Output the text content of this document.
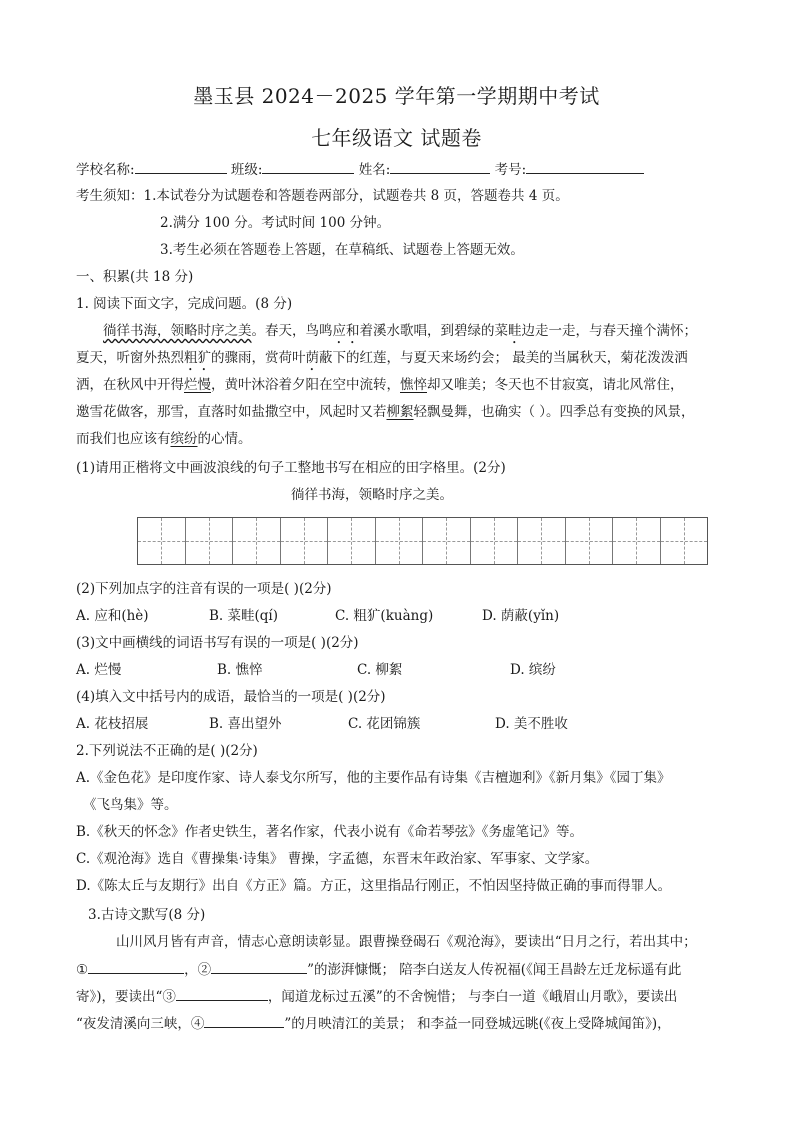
墨玉县 2024－2025 学年第一学期期中考试
七年级语文 试题卷
学校名称:	班级:	姓名:	考号:
考生须知：1.本试卷分为试题卷和答题卷两部分，试题卷共 8 页，答题卷共 4 页。
2.满分 100 分。考试时间 100 分钟。
3.考生必须在答题卷上答题，在草稿纸、试题卷上答题无效。
一、积累(共 18 分)
1. 阅读下面文字，完成问题。(8 分)
徜徉书海，领略时序之美。春天，鸟鸣应和着溪水歌唱，到碧绿的菜畦边走一走，与春天撞个满怀；
夏天，听窗外热烈粗犷的骤雨，赏荷叶荫蔽下的红莲，与夏天来场约会； 最美的当属秋天，菊花泼泼洒
洒，在秋风中开得烂慢，黄叶沐浴着夕阳在空中流转，憔悴却又唯美；冬天也不甘寂寞，请北风常住，
邀雪花做客，那雪，直落时如盐撒空中，风起时又若柳絮轻飘曼舞，也确实（ ）。四季总有变换的风景，
而我们也应该有缤纷的心情。
(1)请用正楷将文中画波浪线的句子工整地书写在相应的田字格里。(2分)
徜徉书海，领略时序之美。
(2)下列加点字的注音有误的一项是( )(2分)
A. 应和(hè)	B. 菜畦(qí)	C. 粗犷(kuàng)	D. 荫蔽(yǐn)
(3)文中画横线的词语书写有误的一项是( )(2分)
A. 烂慢	B. 憔悴	C. 柳絮	D. 缤纷
(4)填入文中括号内的成语，最恰当的一项是( )(2分)
A. 花枝招展	B. 喜出望外	C. 花团锦簇	D. 美不胜收
2.下列说法不正确的是( )(2分)
A.《金色花》是印度作家、诗人泰戈尔所写，他的主要作品有诗集《吉檀迦利》《新月集》《园丁集》
《飞鸟集》等。
B.《秋天的怀念》作者史铁生，著名作家，代表小说有《命若琴弦》《务虚笔记》等。
C.《观沧海》选自《曹操集·诗集》 曹操，字孟德，东晋末年政治家、军事家、文学家。
D.《陈太丘与友期行》出自《方正》篇。方正，这里指品行刚正，不怕因坚持做正确的事而得罪人。
3.古诗文默写(8 分)
山川风月皆有声音，情志心意朗读彰显。跟曹操登碣石《观沧海》，要读出“日月之行，若出其中；
①	，②	”的澎湃慷慨； 陪李白送友人传祝福(《闻王昌龄左迁龙标遥有此
寄》)，要读出“③	，闻道龙标过五溪”的不舍惋惜； 与李白一道《峨眉山月歌》，要读出
“夜发清溪向三峡，④	”的月映清江的美景； 和李益一同登城远眺(《夜上受降城闻笛》)，
